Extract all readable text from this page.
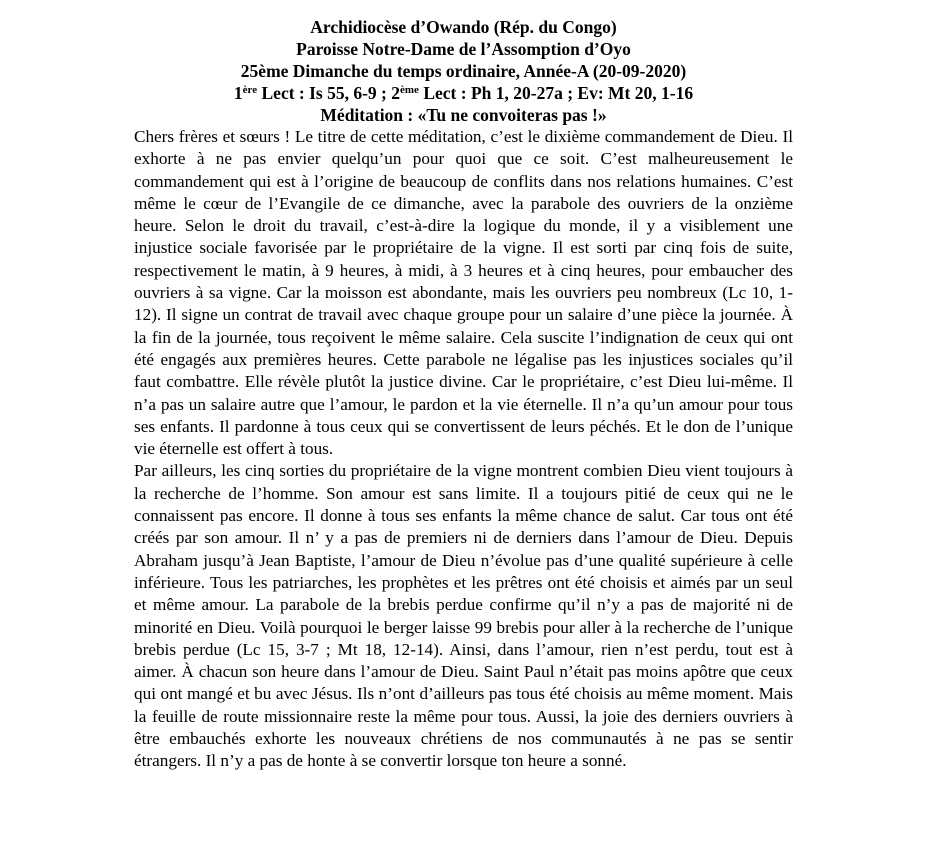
Archidiocèse d’Owando (Rép. du Congo)
Paroisse Notre-Dame de l’Assomption d’Oyo
25ème Dimanche du temps ordinaire, Année-A (20-09-2020)
1ère Lect : Is 55, 6-9 ; 2ème Lect : Ph 1, 20-27a ; Ev: Mt 20, 1-16
Méditation : «Tu ne convoiteras pas !»

Chers frères et sœurs ! Le titre de cette méditation, c’est le dixième commandement de Dieu. Il exhorte à ne pas envier quelqu’un pour quoi que ce soit. C’est malheureusement le commandement qui est à l’origine de beaucoup de conflits dans nos relations humaines. C’est même le cœur de l’Evangile de ce dimanche, avec la parabole des ouvriers de la onzième heure. Selon le droit du travail, c’est-à-dire la logique du monde, il y a visiblement une injustice sociale favorisée par le propriétaire de la vigne. Il est sorti par cinq fois de suite, respectivement le matin, à 9 heures, à midi, à 3 heures et à cinq heures, pour embaucher des ouvriers à sa vigne. Car la moisson est abondante, mais les ouvriers peu nombreux (Lc 10, 1-12). Il signe un contrat de travail avec chaque groupe pour un salaire d’une pièce la journée. À la fin de la journée, tous reçoivent le même salaire. Cela suscite l’indignation de ceux qui ont été engagés aux premières heures. Cette parabole ne légalise pas les injustices sociales qu’il faut combattre. Elle révèle plutôt la justice divine. Car le propriétaire, c’est Dieu lui-même. Il n’a pas un salaire autre que l’amour, le pardon et la vie éternelle. Il n’a qu’un amour pour tous ses enfants. Il pardonne à tous ceux qui se convertissent de leurs péchés. Et le don de l’unique vie éternelle est offert à tous.

Par ailleurs, les cinq sorties du propriétaire de la vigne montrent combien Dieu vient toujours à la recherche de l’homme. Son amour est sans limite. Il a toujours pitié de ceux qui ne le connaissent pas encore. Il donne à tous ses enfants la même chance de salut. Car tous ont été créés par son amour. Il n’ y a pas de premiers ni de derniers dans l’amour de Dieu. Depuis Abraham jusqu’à Jean Baptiste, l’amour de Dieu n’évolue pas d’une qualité supérieure à celle inférieure. Tous les patriarches, les prophètes et les prêtres ont été choisis et aimés par un seul et même amour. La parabole de la brebis perdue confirme qu’il n’y a pas de majorité ni de minorité en Dieu. Voilà pourquoi le berger laisse 99 brebis pour aller à la recherche de l’unique brebis perdue (Lc 15, 3-7 ; Mt 18, 12-14). Ainsi, dans l’amour, rien n’est perdu, tout est à aimer. À chacun son heure dans l’amour de Dieu. Saint Paul n’était pas moins apôtre que ceux qui ont mangé et bu avec Jésus. Ils n’ont d’ailleurs pas tous été choisis au même moment. Mais la feuille de route missionnaire reste la même pour tous. Aussi, la joie des derniers ouvriers à être embauchés exhorte les nouveaux chrétiens de nos communautés à ne pas se sentir étrangers. Il n’y a pas de honte à se convertir lorsque ton heure a sonné.
